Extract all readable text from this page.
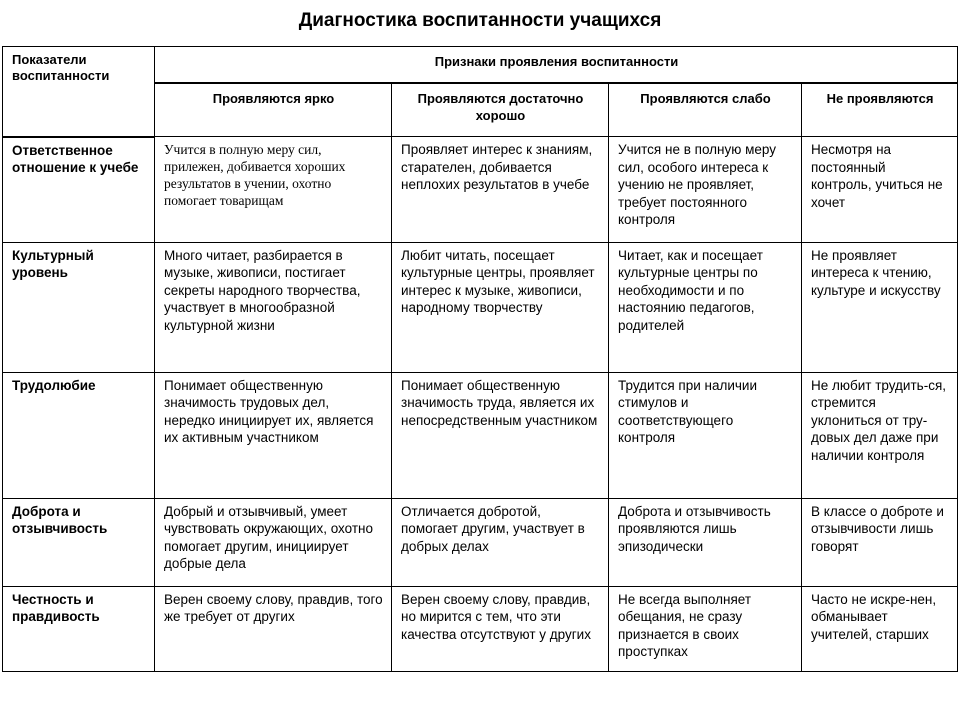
Диагностика воспитанности учащихся
Показатели воспитанности	Признаки проявления воспитанности			
	Проявляются ярко	Проявляются достаточно хорошо	Проявляются слабо	Не проявляются
Ответственное отношение к учебе	Учится в полную меру сил, прилежен, добивается хороших результатов в учении, охотно помогает товарищам	Проявляет интерес к знаниям, старателен, добивается неплохих результатов в учебе	Учится не в полную меру сил, особого интереса к учению не проявляет, требует постоянного контроля	Несмотря на постоянный контроль, учиться не хочет
Культурный уровень	Много читает, разбирается в музыке, живописи, постигает секреты народного творчества, участвует в многообразной культурной жизни	Любит читать, посещает культурные центры, проявляет интерес к музыке, живописи, народному творчеству	Читает, как и посещает культурные центры по необходимости и по настоянию педагогов, родителей	Не проявляет интереса к чтению, культуре и искусству
Трудолюбие	Понимает общественную значимость трудовых дел, нередко инициирует их, является их активным участником	Понимает общественную значимость труда, является их непосредственным участником	Трудится при наличии стимулов и соответствующего контроля	Не любит трудить-ся, стремится уклониться от тру-довых дел даже при наличии контроля
Доброта и отзывчивость	Добрый и отзывчивый, умеет чувствовать окружающих, охотно помогает другим, инициирует добрые дела	Отличается добротой, помогает другим, участвует в добрых делах	Доброта и отзывчивость проявляются лишь эпизодически	В классе о доброте и отзывчивости лишь говорят
Честность и правдивость	Верен своему слову, правдив, того же требует от других	Верен своему слову, правдив, но мирится с тем, что эти качества отсутствуют у других	Не всегда выполняет обещания, не сразу признается в своих проступках	Часто не искре-нен, обманывает учителей, старших
